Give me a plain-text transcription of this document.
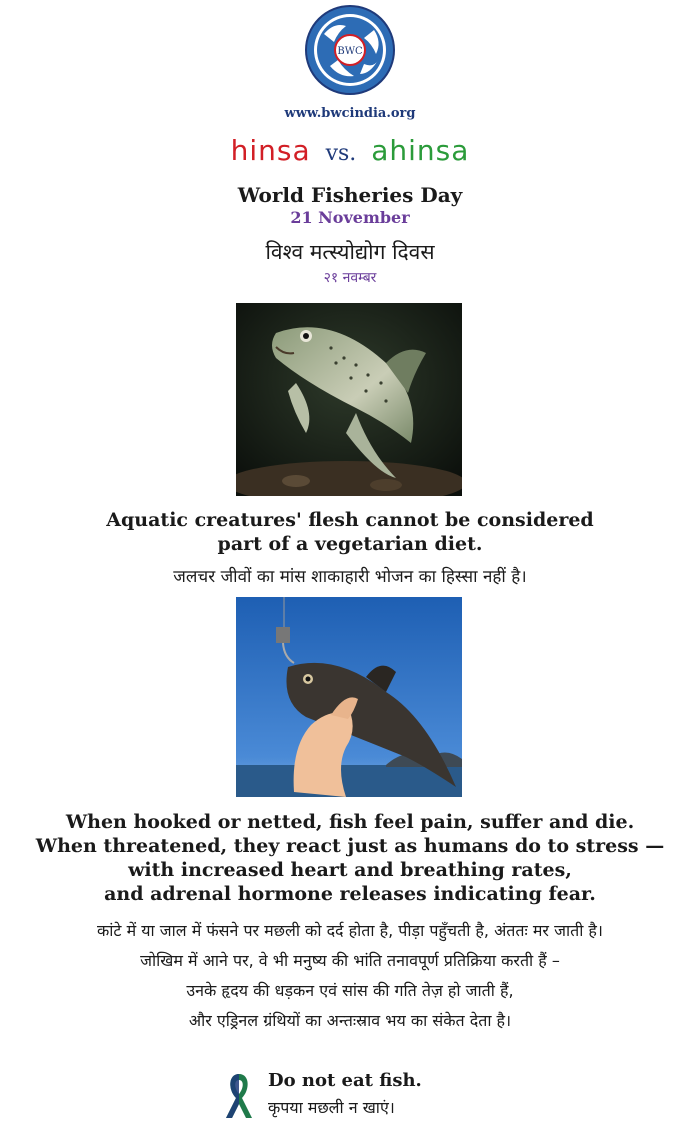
BWC
www.bwcindia.org
hinsa vs. ahinsa
World Fisheries Day
21 November
विश्व मत्स्योद्योग दिवस
२१ नवम्बर
Aquatic creatures' flesh cannot be considered
part of a vegetarian diet.
जलचर जीवों का मांस शाकाहारी भोजन का हिस्सा नहीं है।
When hooked or netted, fish feel pain, suffer and die.
When threatened, they react just as humans do to stress —
with increased heart and breathing rates,
and adrenal hormone releases indicating fear.
कांटे में या जाल में फंसने पर मछली को दर्द होता है, पीड़ा पहुँचती है, अंततः मर जाती है।
जोखिम में आने पर, वे भी मनुष्य की भांति तनावपूर्ण प्रतिक्रिया करती हैं –
उनके हृदय की धड़कन एवं सांस की गति तेज़ हो जाती हैं,
और एड्रिनल ग्रंथियों का अन्तःस्राव भय का संकेत देता है।
Do not eat fish.
कृपया मछली न खाएं।
